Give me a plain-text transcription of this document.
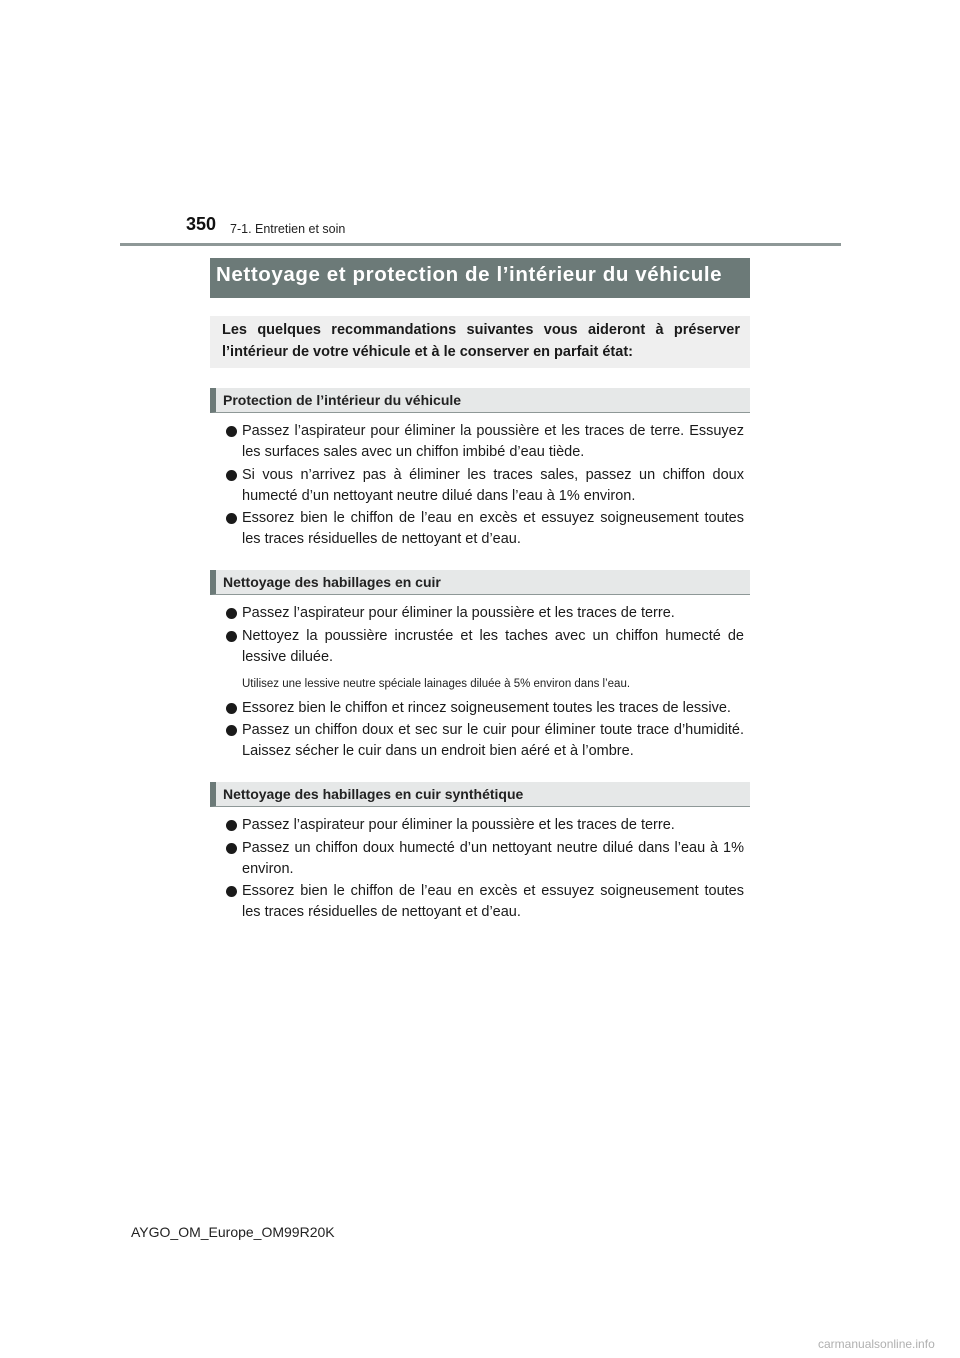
350 7-1. Entretien et soin
Nettoyage et protection de l’intérieur du véhicule
Les quelques recommandations suivantes vous aideront à préserver l’intérieur de votre véhicule et à le conserver en parfait état:
Protection de l’intérieur du véhicule
Passez l’aspirateur pour éliminer la poussière et les traces de terre. Essuyez les surfaces sales avec un chiffon imbibé d’eau tiède.
Si vous n’arrivez pas à éliminer les traces sales, passez un chiffon doux humecté d’un nettoyant neutre dilué dans l’eau à 1% environ.
Essorez bien le chiffon de l’eau en excès et essuyez soigneusement toutes les traces résiduelles de nettoyant et d’eau.
Nettoyage des habillages en cuir
Passez l’aspirateur pour éliminer la poussière et les traces de terre.
Nettoyez la poussière incrustée et les taches avec un chiffon humecté de lessive diluée.
Utilisez une lessive neutre spéciale lainages diluée à 5% environ dans l’eau.
Essorez bien le chiffon et rincez soigneusement toutes les traces de lessive.
Passez un chiffon doux et sec sur le cuir pour éliminer toute trace d’humidité. Laissez sécher le cuir dans un endroit bien aéré et à l’ombre.
Nettoyage des habillages en cuir synthétique
Passez l’aspirateur pour éliminer la poussière et les traces de terre.
Passez un chiffon doux humecté d’un nettoyant neutre dilué dans l’eau à 1% environ.
Essorez bien le chiffon de l’eau en excès et essuyez soigneusement toutes les traces résiduelles de nettoyant et d’eau.
AYGO_OM_Europe_OM99R20K
carmanualsonline.info
